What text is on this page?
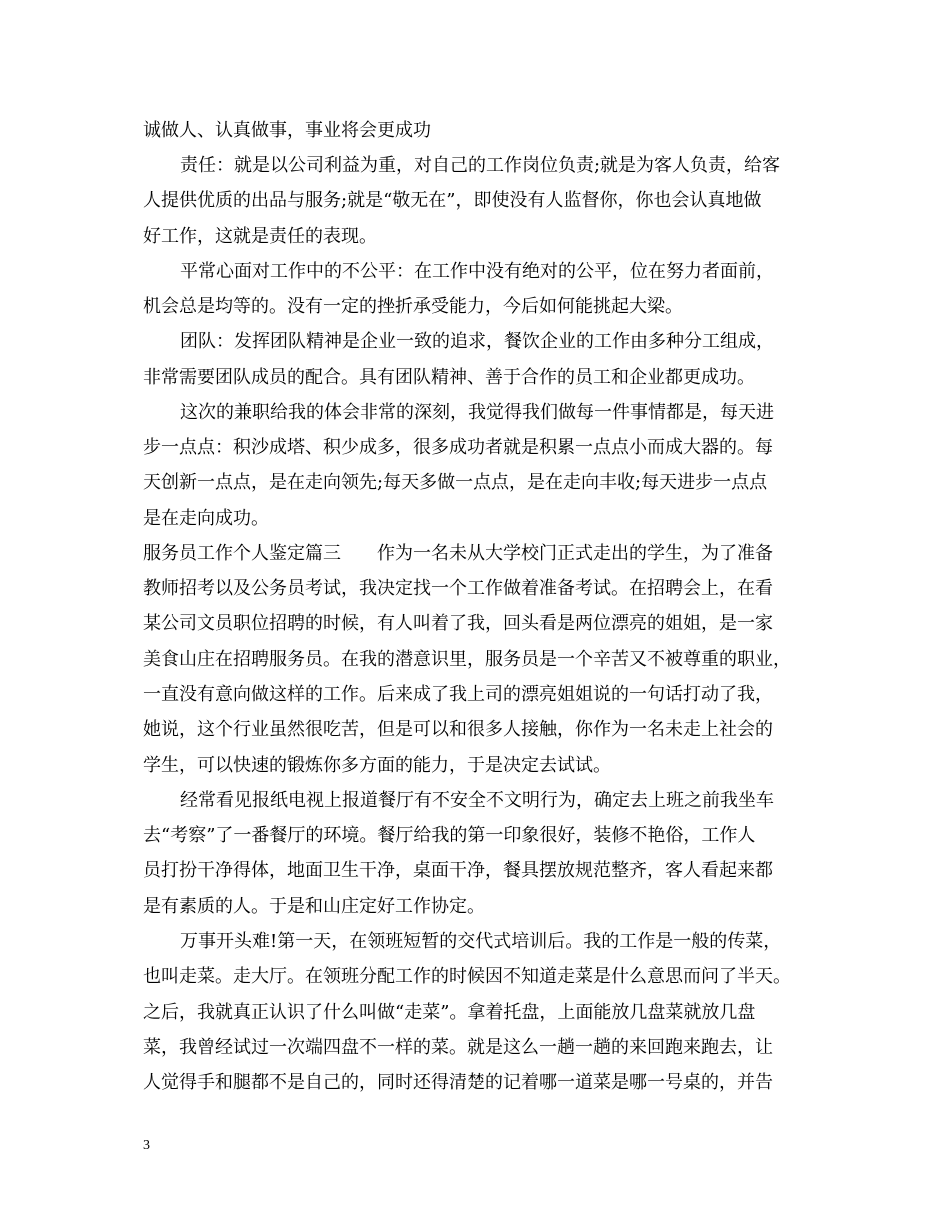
诚做人、认真做事，事业将会更成功
责任：就是以公司利益为重，对自己的工作岗位负责;就是为客人负责，给客
人提供优质的出品与服务;就是“敬无在”，即使没有人监督你，你也会认真地做
好工作，这就是责任的表现。
平常心面对工作中的不公平：在工作中没有绝对的公平，位在努力者面前，
机会总是均等的。没有一定的挫折承受能力，今后如何能挑起大梁。
团队：发挥团队精神是企业一致的追求，餐饮企业的工作由多种分工组成，
非常需要团队成员的配合。具有团队精神、善于合作的员工和企业都更成功。
这次的兼职给我的体会非常的深刻，我觉得我们做每一件事情都是，每天进
步一点点：积沙成塔、积少成多，很多成功者就是积累一点点小而成大器的。每
天创新一点点，是在走向领先;每天多做一点点，是在走向丰收;每天进步一点点
是在走向成功。
服务员工作个人鉴定篇三　　作为一名未从大学校门正式走出的学生，为了准备
教师招考以及公务员考试，我决定找一个工作做着准备考试。在招聘会上，在看
某公司文员职位招聘的时候，有人叫着了我，回头看是两位漂亮的姐姐，是一家
美食山庄在招聘服务员。在我的潜意识里，服务员是一个辛苦又不被尊重的职业，
一直没有意向做这样的工作。后来成了我上司的漂亮姐姐说的一句话打动了我，
她说，这个行业虽然很吃苦，但是可以和很多人接触，你作为一名未走上社会的
学生，可以快速的锻炼你多方面的能力，于是决定去试试。
经常看见报纸电视上报道餐厅有不安全不文明行为，确定去上班之前我坐车
去“考察”了一番餐厅的环境。餐厅给我的第一印象很好，装修不艳俗，工作人
员打扮干净得体，地面卫生干净，桌面干净，餐具摆放规范整齐，客人看起来都
是有素质的人。于是和山庄定好工作协定。
万事开头难!第一天，在领班短暂的交代式培训后。我的工作是一般的传菜，
也叫走菜。走大厅。在领班分配工作的时候因不知道走菜是什么意思而问了半天。
之后，我就真正认识了什么叫做“走菜”。拿着托盘，上面能放几盘菜就放几盘
菜，我曾经试过一次端四盘不一样的菜。就是这么一趟一趟的来回跑来跑去，让
人觉得手和腿都不是自己的，同时还得清楚的记着哪一道菜是哪一号桌的，并告
3
